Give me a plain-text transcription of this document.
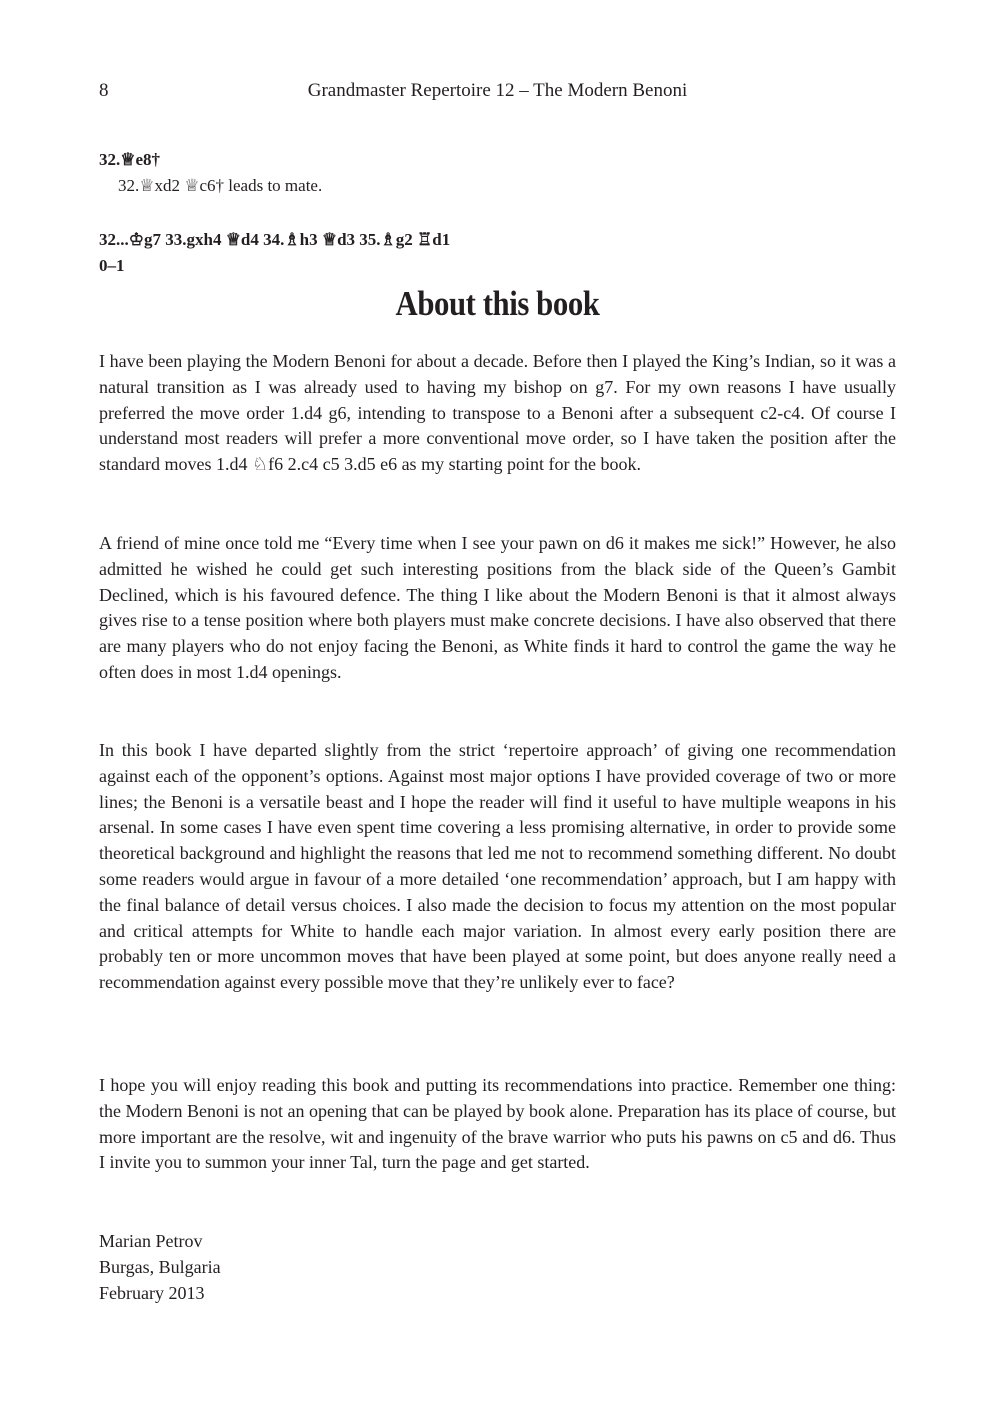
8	Grandmaster Repertoire 12 – The Modern Benoni
32.♕e8†
32.♕xd2 ♕c6† leads to mate.
32...♔g7 33.gxh4 ♕d4 34.♗h3 ♕d3 35.♗g2 ♖d1
0–1
About this book

I have been playing the Modern Benoni for about a decade. Before then I played the King’s Indian, so it was a natural transition as I was already used to having my bishop on g7. For my own reasons I have usually preferred the move order 1.d4 g6, intending to transpose to a Benoni after a subsequent c2-c4. Of course I understand most readers will prefer a more conventional move order, so I have taken the position after the standard moves 1.d4 ♘f6 2.c4 c5 3.d5 e6 as my starting point for the book.

A friend of mine once told me “Every time when I see your pawn on d6 it makes me sick!” However, he also admitted he wished he could get such interesting positions from the black side of the Queen’s Gambit Declined, which is his favoured defence. The thing I like about the Modern Benoni is that it almost always gives rise to a tense position where both players must make concrete decisions. I have also observed that there are many players who do not enjoy facing the Benoni, as White finds it hard to control the game the way he often does in most 1.d4 openings.

In this book I have departed slightly from the strict ‘repertoire approach’ of giving one recommendation against each of the opponent’s options. Against most major options I have provided coverage of two or more lines; the Benoni is a versatile beast and I hope the reader will find it useful to have multiple weapons in his arsenal. In some cases I have even spent time covering a less promising alternative, in order to provide some theoretical background and highlight the reasons that led me not to recommend something different. No doubt some readers would argue in favour of a more detailed ‘one recommendation’ approach, but I am happy with the final balance of detail versus choices. I also made the decision to focus my attention on the most popular and critical attempts for White to handle each major variation. In almost every early position there are probably ten or more uncommon moves that have been played at some point, but does anyone really need a recommendation against every possible move that they’re unlikely ever to face?

I hope you will enjoy reading this book and putting its recommendations into practice. Remember one thing: the Modern Benoni is not an opening that can be played by book alone. Preparation has its place of course, but more important are the resolve, wit and ingenuity of the brave warrior who puts his pawns on c5 and d6. Thus I invite you to summon your inner Tal, turn the page and get started.

Marian Petrov
Burgas, Bulgaria
February 2013
